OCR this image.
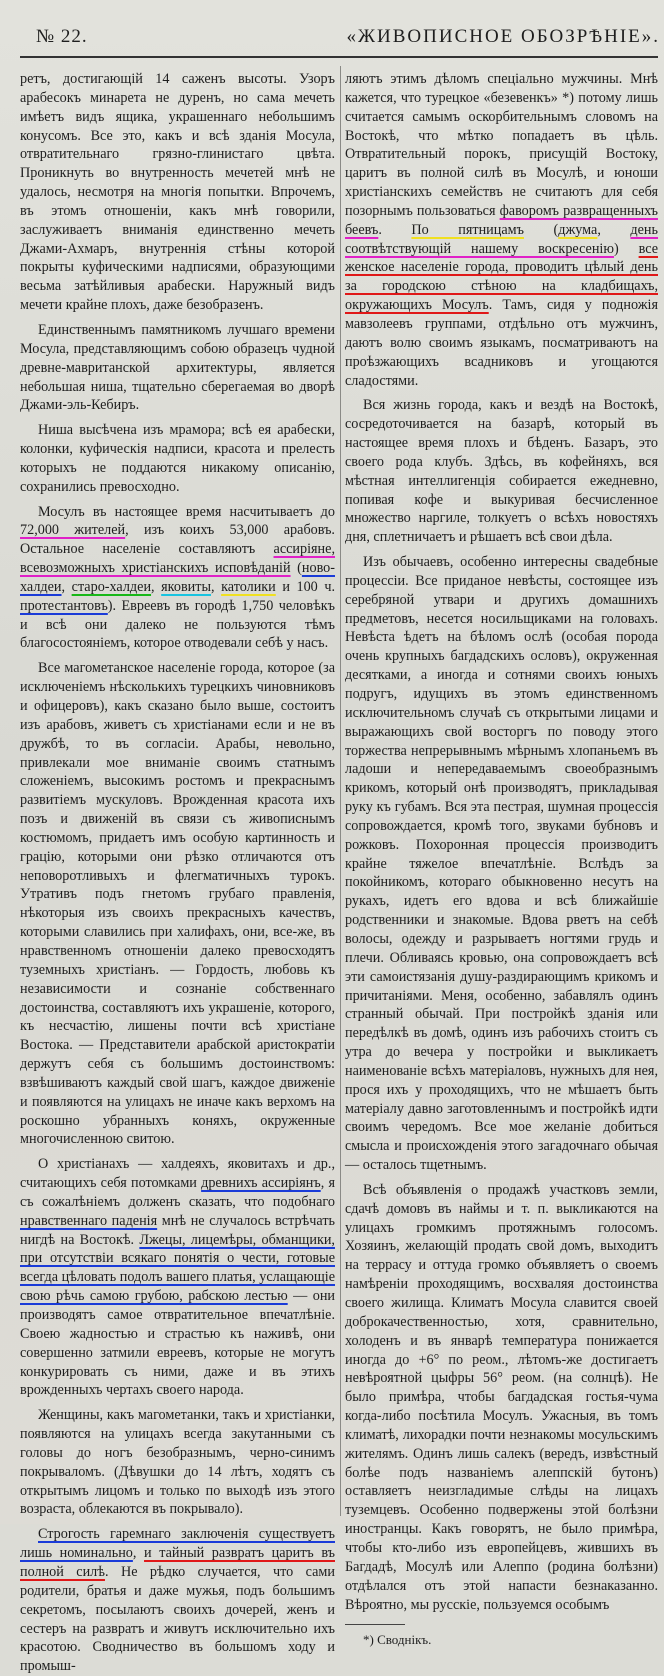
№ 22.	«ЖИВОПИСНОЕ ОБОЗРѢНІЕ».

ретъ, достигающій 14 саженъ высоты. Узоръ арабесокъ минарета не дуренъ, но сама мечеть имѣетъ видъ ящика, украшеннаго небольшимъ конусомъ. Все это, какъ и всѣ зданія Мосула, отвратительнаго грязно-глинистаго цвѣта. Проникнуть во внутренность мечетей мнѣ не удалось, несмотря на многія попытки. Впрочемъ, въ этомъ отношеніи, какъ мнѣ говорили, заслуживаетъ вниманія единственно мечеть Джами-Ахмаръ, внутреннія стѣны которой покрыты куфическими надписями, образующими весьма затѣйливыя арабески. Наружный видъ мечети крайне плохъ, даже безобразенъ.

Единственнымъ памятникомъ лучшаго времени Мосула, представляющимъ собою образецъ чудной древне-мавританской архитектуры, является небольшая ниша, тщательно сберегаемая во дворѣ Джами-эль-Кебиръ.

Ниша высѣчена изъ мрамора; всѣ ея арабески, колонки, куфическія надписи, красота и прелесть которыхъ не поддаются никакому описанію, сохранились превосходно.

Мосулъ въ настоящее время насчитываетъ до 72,000 жителей, изъ коихъ 53,000 арабовъ. Остальное населеніе составляютъ ассиріяне, всевозможныхъ христіанскихъ исповѣданій (ново-халдеи, старо-халдеи, яковиты, католики и 100 ч. протестантовъ). Евреевъ въ городѣ 1,750 человѣкъ и всѣ они далеко не пользуются тѣмъ благосостояніемъ, которое отводевали себѣ у насъ.

Все магометанское населеніе города, которое (за исключеніемъ нѣсколькихъ турецкихъ чиновниковъ и офицеровъ), какъ сказано было выше, состоитъ изъ арабовъ, живетъ съ христіанами если и не въ дружбѣ, то въ согласіи. Арабы, невольно, привлекали мое вниманіе своимъ статнымъ сложеніемъ, высокимъ ростомъ и прекраснымъ развитіемъ мускуловъ. Врожденная красота ихъ позъ и движеній въ связи съ живописнымъ костюмомъ, придаетъ имъ особую картинность и грацію, которыми они рѣзко отличаются отъ неповоротливыхъ и флегматичныхъ турокъ. Утративъ подъ гнетомъ грубаго правленія, нѣкоторыя изъ своихъ прекрасныхъ качествъ, которыми славились при халифахъ, они, все-же, въ нравственномъ отношеніи далеко превосходятъ туземныхъ христіанъ. — Гордость, любовь къ независимости и сознаніе собственнаго достоинства, составляютъ ихъ украшеніе, которого, къ несчастію, лишены почти всѣ христіане Востока. — Представители арабской аристократіи держутъ себя съ большимъ достоинствомъ: взвѣшиваютъ каждый свой шагъ, каждое движеніе и появляются на улицахъ не иначе какъ верхомъ на роскошно убранныхъ коняхъ, окруженные многочисленною свитою.

О христіанахъ — халдеяхъ, яковитахъ и др., считающихъ себя потомками древнихъ ассиріянъ, я съ сожалѣніемъ долженъ сказать, что подобнаго нравственнаго паденія мнѣ не случалось встрѣчать нигдѣ на Востокѣ. Лжецы, лицемѣры, обманщики, при отсутствіи всякаго понятія о чести, готовые всегда цѣловать подолъ вашего платья, услащающіе свою рѣчь самою грубою, рабскою лестью — они производятъ самое отвратительное впечатлѣніе. Своею жадностью и страстью къ наживѣ, они совершенно затмили евреевъ, которые не могутъ конкурировать съ ними, даже и въ этихъ врожденныхъ чертахъ своего народа.

Женщины, какъ магометанки, такъ и христіанки, появляются на улицахъ всегда закутанными съ головы до ногъ безобразнымъ, черно-синимъ покрываломъ. (Дѣвушки до 14 лѣтъ, ходятъ съ открытымъ лицомъ и только по выходѣ изъ этого возраста, облекаются въ покрывало).

Строгость гаремнаго заключенія существуетъ лишь номинально, и тайный развратъ царитъ въ полной силѣ. Не рѣдко случается, что сами родители, братья и даже мужья, подъ большимъ секретомъ, посылаютъ своихъ дочерей, женъ и сестеръ на развратъ и живутъ исключительно ихъ красотою. Сводничество въ большомъ ходу и промыш-

ляютъ этимъ дѣломъ спеціально мужчины. Мнѣ кажется, что турецкое «безевенкъ» *) потому лишь считается самымъ оскорбительнымъ словомъ на Востокѣ, что мѣтко попадаетъ въ цѣль. Отвратительный порокъ, присущій Востоку, царитъ въ полной силѣ въ Мосулѣ, и юноши христіанскихъ семействъ не считаютъ для себя позорнымъ пользоваться фаворомъ развращенныхъ беевъ. По пятницамъ (джума, день соотвѣтствующій нашему воскресенію) все женское населеніе города, проводитъ цѣлый день за городскою стѣною на кладбищахъ, окружающихъ Мосулъ. Тамъ, сидя у подножія мавзолеевъ группами, отдѣльно отъ мужчинъ, даютъ волю своимъ языкамъ, посматриваютъ на проѣзжающихъ всадниковъ и угощаются сладостями.

Вся жизнь города, какъ и вездѣ на Востокѣ, сосредоточивается на базарѣ, который въ настоящее время плохъ и бѣденъ. Базаръ, это своего рода клубъ. Здѣсь, въ кофейняхъ, вся мѣстная интеллигенція собирается ежедневно, попивая кофе и выкуривая бесчисленное множество наргиле, толкуетъ о всѣхъ новостяхъ дня, сплетничаетъ и рѣшаетъ всѣ свои дѣла.

Изъ обычаевъ, особенно интересны свадебные процессіи. Все приданое невѣсты, состоящее изъ серебряной утвари и другихъ домашнихъ предметовъ, несется носильщиками на головахъ. Невѣста ѣдетъ на бѣломъ ослѣ (особая порода очень крупныхъ багдадскихъ ословъ), окруженная десятками, а иногда и сотнями своихъ юныхъ подругъ, идущихъ въ этомъ единственномъ исключительномъ случаѣ съ открытыми лицами и выражающихъ свой восторгъ по поводу этого торжества непрерывнымъ мѣрнымъ хлопаньемъ въ ладоши и непередаваемымъ своеобразнымъ крикомъ, который онѣ производятъ, прикладывая руку къ губамъ. Вся эта пестрая, шумная процессія сопровождается, кромѣ того, звуками бубновъ и рожковъ. Похоронная процессія производитъ крайне тяжелое впечатлѣніе. Вслѣдъ за покойникомъ, котораго обыкновенно несутъ на рукахъ, идетъ его вдова и всѣ ближайшіе родственники и знакомые. Вдова рветъ на себѣ волосы, одежду и разрываетъ ногтями грудь и плечи. Обливаясь кровью, она сопровождаетъ всѣ эти самоистязанія душу-раздирающимъ крикомъ и причитаніями. Меня, особенно, забавлялъ одинъ странный обычай. При постройкѣ зданія или передѣлкѣ въ домѣ, одинъ изъ рабочихъ стоитъ съ утра до вечера у постройки и выкликаетъ наименованіе всѣхъ матеріаловъ, нужныхъ для нея, прося ихъ у проходящихъ, что не мѣшаетъ быть матеріалу давно заготовленнымъ и постройкѣ идти своимъ чередомъ. Все мое желаніе добиться смысла и происхожденія этого загадочнаго обычая — осталось тщетнымъ.

Всѣ объявленія о продажѣ участковъ земли, сдачѣ домовъ въ наймы и т. п. выкликаются на улицахъ громкимъ протяжнымъ голосомъ. Хозяинъ, желающій продать свой домъ, выходитъ на террасу и оттуда громко объявляетъ о своемъ намѣреніи проходящимъ, восхваляя достоинства своего жилища. Климатъ Мосула славится своей доброкачественностью, хотя, сравнительно, холоденъ и въ январѣ температура понижается иногда до +6° по реом., лѣтомъ-же достигаетъ невѣроятной цыфры 56° реом. (на солнцѣ). Не было примѣра, чтобы багдадская гостья-чума когда-либо посѣтила Мосулъ. Ужасныя, въ томъ климатѣ, лихорадки почти незнакомы мосульскимъ жителямъ. Одинъ лишь салекъ (вередъ, извѣстный болѣе подъ названіемъ алеппскій бутонъ) оставляетъ неизгладимые слѣды на лицахъ туземцевъ. Особенно подвержены этой болѣзни иностранцы. Какъ говорятъ, не было примѣра, чтобы кто-либо изъ европейцевъ, жившихъ въ Багдадѣ, Мосулѣ или Алеппо (родина болѣзни) отдѣлался отъ этой напасти безнаказанно. Вѣроятно, мы русскіе, пользуемся особымъ

*) Своднікъ.
